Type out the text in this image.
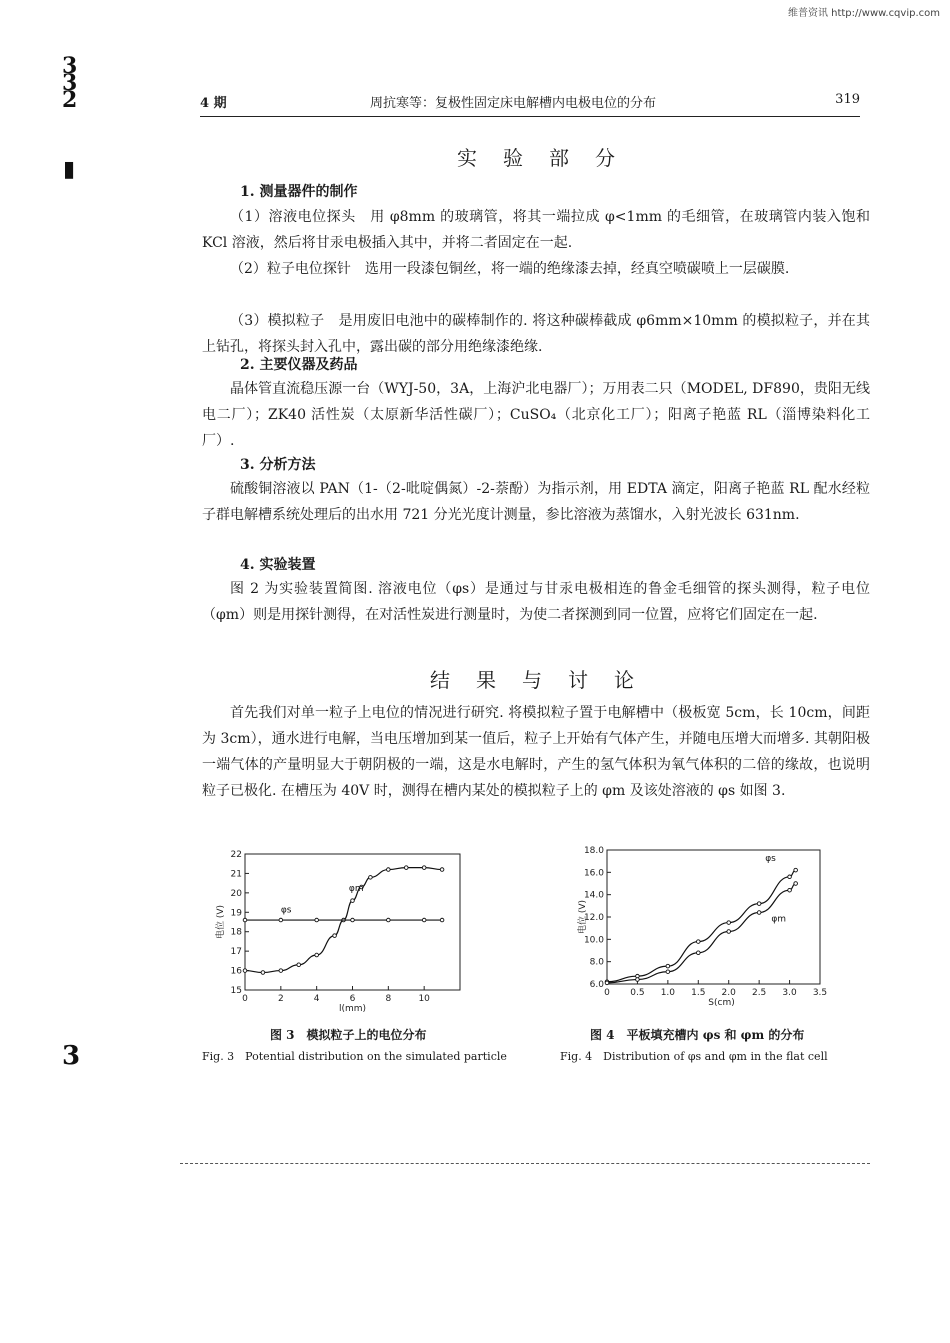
维普资讯 http://www.cqvip.com
3
3
2
▮
3
4 期	周抗寒等：复极性固定床电解槽内电极电位的分布	319
实验部分
1. 测量器件的制作
（1）溶液电位探头　用 φ8mm 的玻璃管，将其一端拉成 φ<1mm 的毛细管，在玻璃管内装入饱和 KCl 溶液，然后将甘汞电极插入其中，并将二者固定在一起.
（2）粒子电位探针　选用一段漆包铜丝，将一端的绝缘漆去掉，经真空喷碳喷上一层碳膜.
（3）模拟粒子　是用废旧电池中的碳棒制作的. 将这种碳棒截成 φ6mm×10mm 的模拟粒子，并在其上钻孔，将探头封入孔中，露出碳的部分用绝缘漆绝缘.
2. 主要仪器及药品
晶体管直流稳压源一台（WYJ-50，3A，上海沪北电器厂）；万用表二只（MODEL, DF890，贵阳无线电二厂）；ZK40 活性炭（太原新华活性碳厂）；CuSO₄（北京化工厂）；阳离子艳蓝 RL（淄博染料化工厂）.
3. 分析方法
硫酸铜溶液以 PAN（1-（2-吡啶偶氮）-2-萘酚）为指示剂，用 EDTA 滴定，阳离子艳蓝 RL 配水经粒子群电解槽系统处理后的出水用 721 分光光度计测量，参比溶液为蒸馏水，入射光波长 631nm.
4. 实验装置
图 2 为实验装置简图. 溶液电位（φs）是通过与甘汞电极相连的鲁金毛细管的探头测得，粒子电位（φm）则是用探针测得，在对活性炭进行测量时，为使二者探测到同一位置，应将它们固定在一起.
结果与讨论
首先我们对单一粒子上电位的情况进行研究. 将模拟粒子置于电解槽中（极板宽 5cm，长 10cm，间距为 3cm），通水进行电解，当电压增加到某一值后，粒子上开始有气体产生，并随电压增大而增多. 其朝阳极一端气体的产量明显大于朝阴极的一端，这是水电解时，产生的氢气体积为氧气体积的二倍的缘故，也说明粒子已极化. 在槽压为 40V 时，测得在槽内某处的模拟粒子上的 φm 及该处溶液的 φs 如图 3.
0	2	4	6	8	10
15
16
17
18
19
20
21
22
l(mm)
电位 (V)
φm
φs
图 3　模拟粒子上的电位分布
Fig. 3　Potential distribution on the simulated particle
0 0.5 1.0 1.5 2.0 2.5 3.0 3.5
6.0
8.0
10.0
12.0
14.0
16.0
18.0
S(cm)
电位 (V)
φs
φm
图 4　平板填充槽内 φs 和 φm 的分布
Fig. 4　Distribution of φs and φm in the flat cell
